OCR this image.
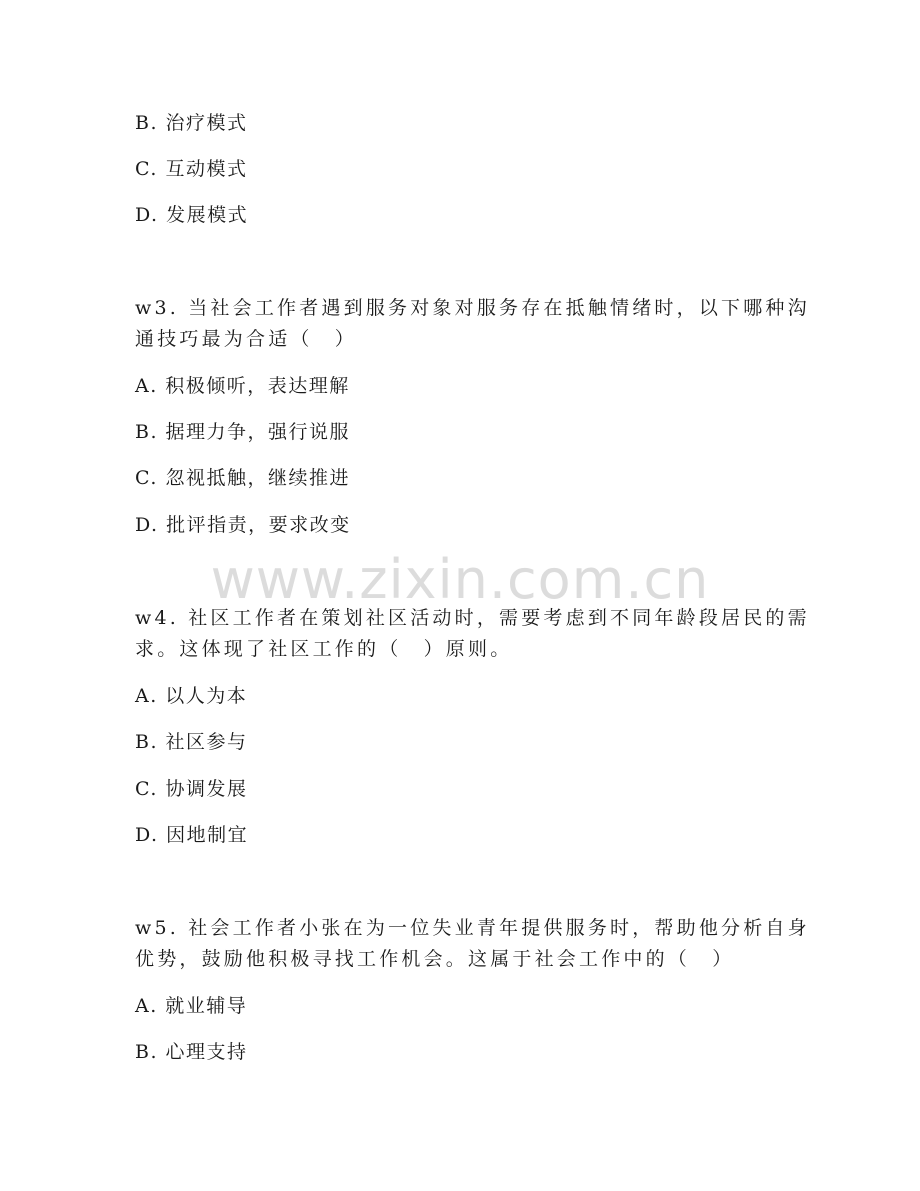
www.zixin.com.cn
B. 治疗模式
C. 互动模式
D. 发展模式
w3. 当社会工作者遇到服务对象对服务存在抵触情绪时，以下哪种沟
通技巧最为合适（　）
A. 积极倾听，表达理解
B. 据理力争，强行说服
C. 忽视抵触，继续推进
D. 批评指责，要求改变
w4. 社区工作者在策划社区活动时，需要考虑到不同年龄段居民的需
求。这体现了社区工作的（　）原则。
A. 以人为本
B. 社区参与
C. 协调发展
D. 因地制宜
w5. 社会工作者小张在为一位失业青年提供服务时，帮助他分析自身
优势，鼓励他积极寻找工作机会。这属于社会工作中的（　）
A. 就业辅导
B. 心理支持
